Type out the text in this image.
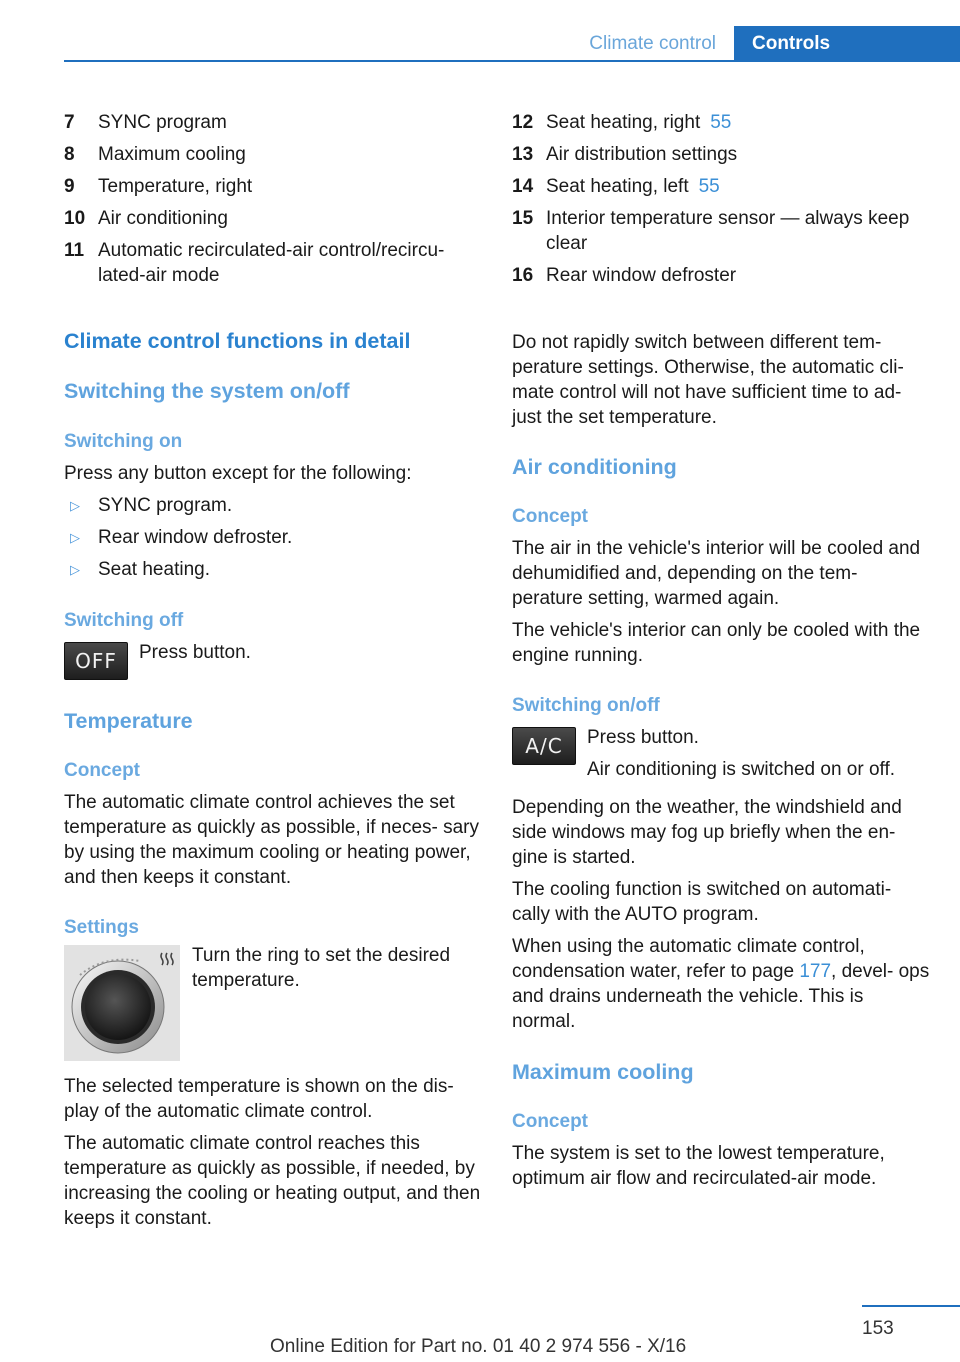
Climate control	Controls
7	SYNC program
8	Maximum cooling
9	Temperature, right
10 Air conditioning
11 Automatic recirculated-air control/recircu‐ lated-air mode
Climate control functions in detail
Switching the system on/off
Switching on

Press any button except for the following:

▷ SYNC program.
▷ Rear window defroster.
▷ Seat heating.
Switching off
OFF	Press button.

Temperature
Concept

The automatic climate control achieves the set temperature as quickly as possible, if neces‐ sary by using the maximum cooling or heating power, and then keeps it constant.

Settings

Turn the ring to set the desired temperature.

The selected temperature is shown on the dis‐ play of the automatic climate control.

The automatic climate control reaches this temperature as quickly as possible, if needed, by increasing the cooling or heating output, and then keeps it constant.

12 Seat heating, right 55
13 Air distribution settings
14 Seat heating, left 55
15 Interior temperature sensor — always keep clear
16 Rear window defroster

Do not rapidly switch between different tem‐ perature settings. Otherwise, the automatic cli‐ mate control will not have sufficient time to ad‐ just the set temperature.

Air conditioning
Concept

The air in the vehicle's interior will be cooled and dehumidified and, depending on the tem‐ perature setting, warmed again.

The vehicle's interior can only be cooled with the engine running.

Switching on/off
A/C	Press button.

Air conditioning is switched on or off.

Depending on the weather, the windshield and side windows may fog up briefly when the en‐ gine is started.

The cooling function is switched on automati‐ cally with the AUTO program.

When using the automatic climate control, condensation water, refer to page 177, devel‐ ops and drains underneath the vehicle. This is normal.

Maximum cooling
Concept

The system is set to the lowest temperature, optimum air flow and recirculated-air mode.

153
Online Edition for Part no. 01 40 2 974 556 - X/16
